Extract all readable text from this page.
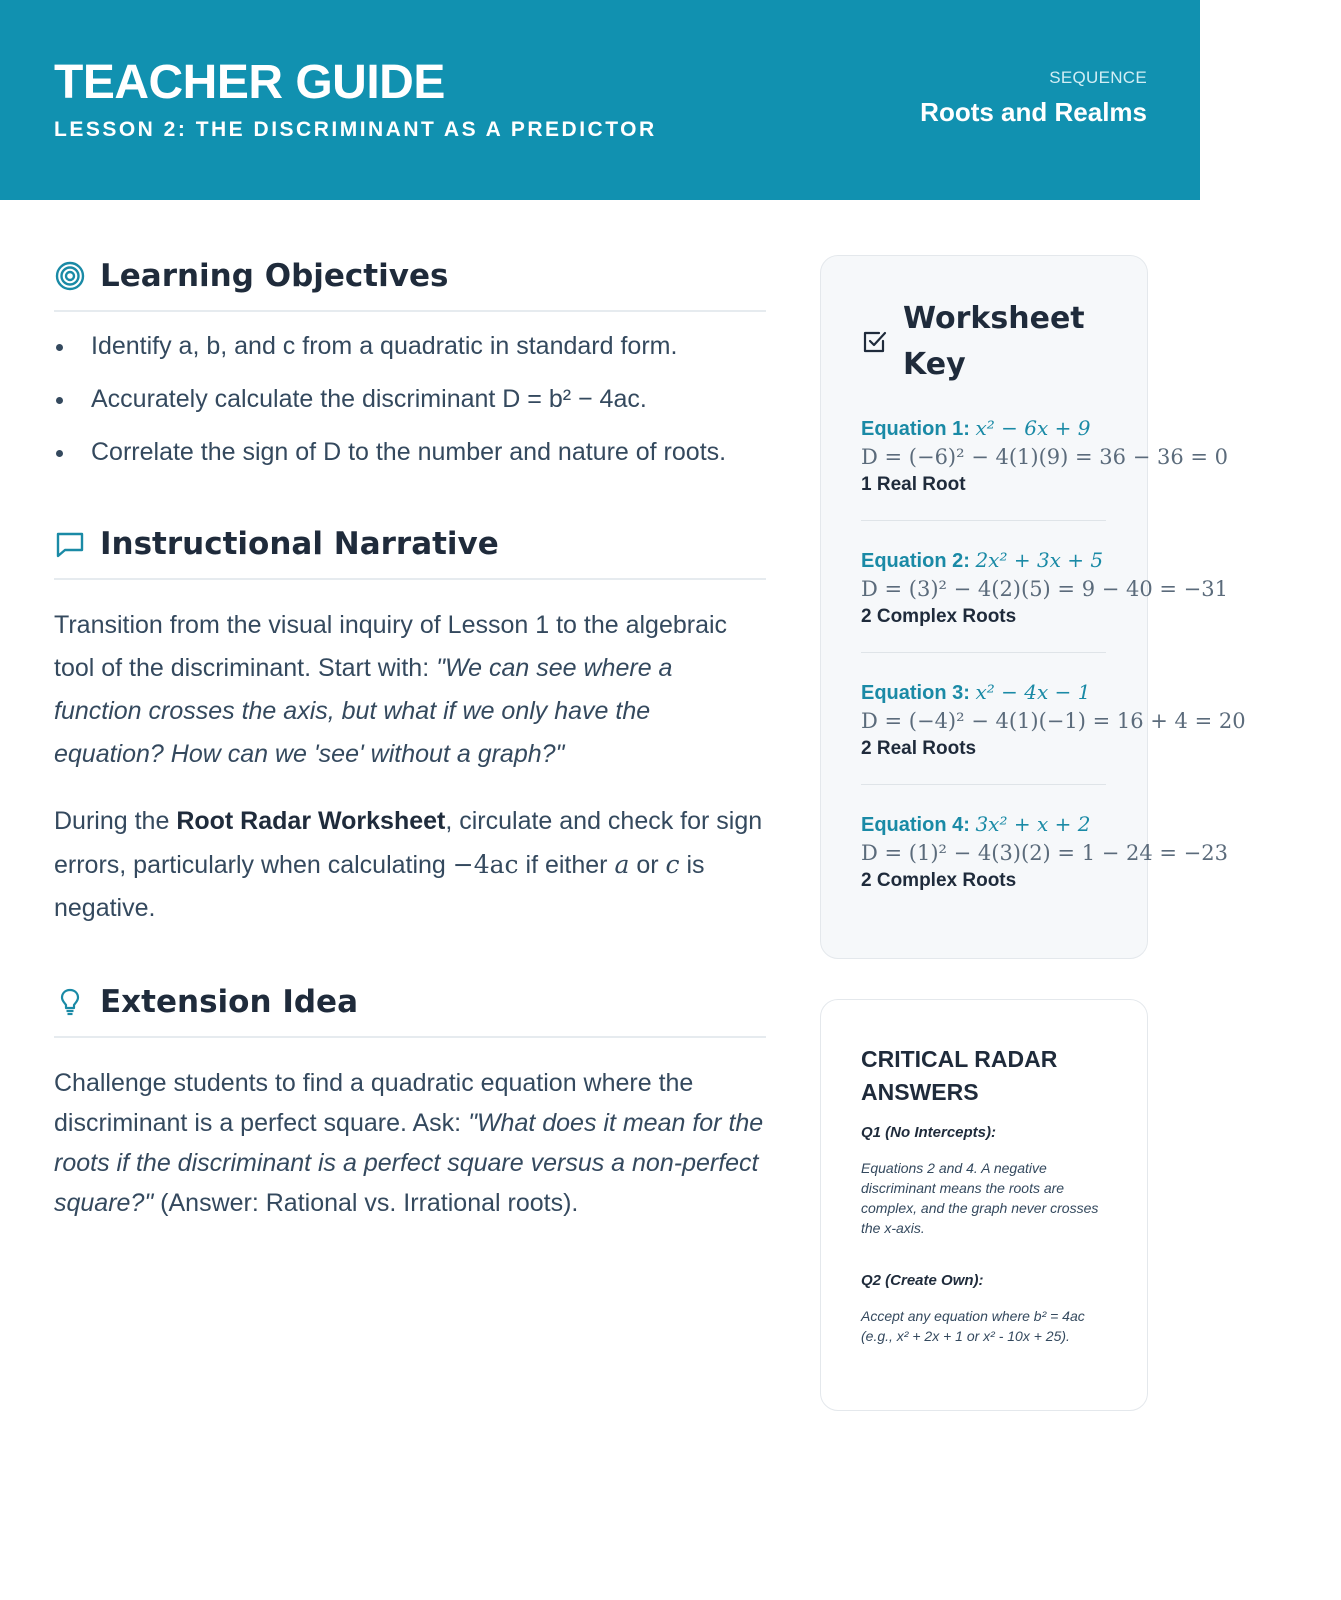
TEACHER GUIDE
LESSON 2: THE DISCRIMINANT AS A PREDICTOR
SEQUENCE
Roots and Realms
Learning Objectives
Identify a, b, and c from a quadratic in standard form.
Accurately calculate the discriminant D = b² − 4ac.
Correlate the sign of D to the number and nature of roots.
Instructional Narrative

Transition from the visual inquiry of Lesson 1 to the algebraic tool of the discriminant. Start with: "We can see where a function crosses the axis, but what if we only have the equation? How can we 'see' without a graph?"

During the Root Radar Worksheet, circulate and check for sign errors, particularly when calculating −4ac if either a or c is negative.

Extension Idea

Challenge students to find a quadratic equation where the discriminant is a perfect square. Ask: "What does it mean for the roots if the discriminant is a perfect square versus a non-perfect square?" (Answer: Rational vs. Irrational roots).

Worksheet Key
Equation 1: x² − 6x + 9
D = (−6)² − 4(1)(9) = 36 − 36 = 0
1 Real Root
Equation 2: 2x² + 3x + 5
D = (3)² − 4(2)(5) = 9 − 40 = −31
2 Complex Roots
Equation 3: x² − 4x − 1
D = (−4)² − 4(1)(−1) = 16 + 4 = 20
2 Real Roots
Equation 4: 3x² + x + 2
D = (1)² − 4(3)(2) = 1 − 24 = −23
2 Complex Roots
CRITICAL RADAR ANSWERS
Q1 (No Intercepts):
Equations 2 and 4. A negative discriminant means the roots are complex, and the graph never crosses the x-axis.
Q2 (Create Own):
Accept any equation where b² = 4ac (e.g., x² + 2x + 1 or x² - 10x + 25).
